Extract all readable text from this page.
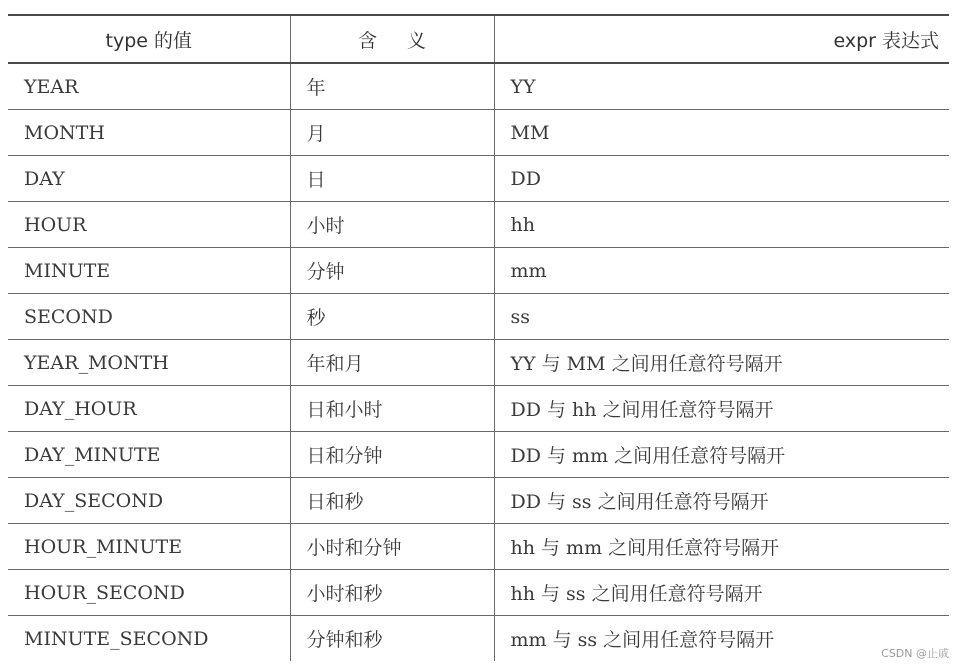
type 的值	含义	expr 表达式
YEAR	年	YY
MONTH	月	MM
DAY	日	DD
HOUR	小时	hh
MINUTE	分钟	mm
SECOND	秒	ss
YEAR_MONTH	年和月	YY 与 MM 之间用任意符号隔开
DAY_HOUR	日和小时	DD 与 hh 之间用任意符号隔开
DAY_MINUTE	日和分钟	DD 与 mm 之间用任意符号隔开
DAY_SECOND	日和秒	DD 与 ss 之间用任意符号隔开
HOUR_MINUTE	小时和分钟	hh 与 mm 之间用任意符号隔开
HOUR_SECOND	小时和秒	hh 与 ss 之间用任意符号隔开
MINUTE_SECOND	分钟和秒	mm 与 ss 之间用任意符号隔开
CSDN @止戚
